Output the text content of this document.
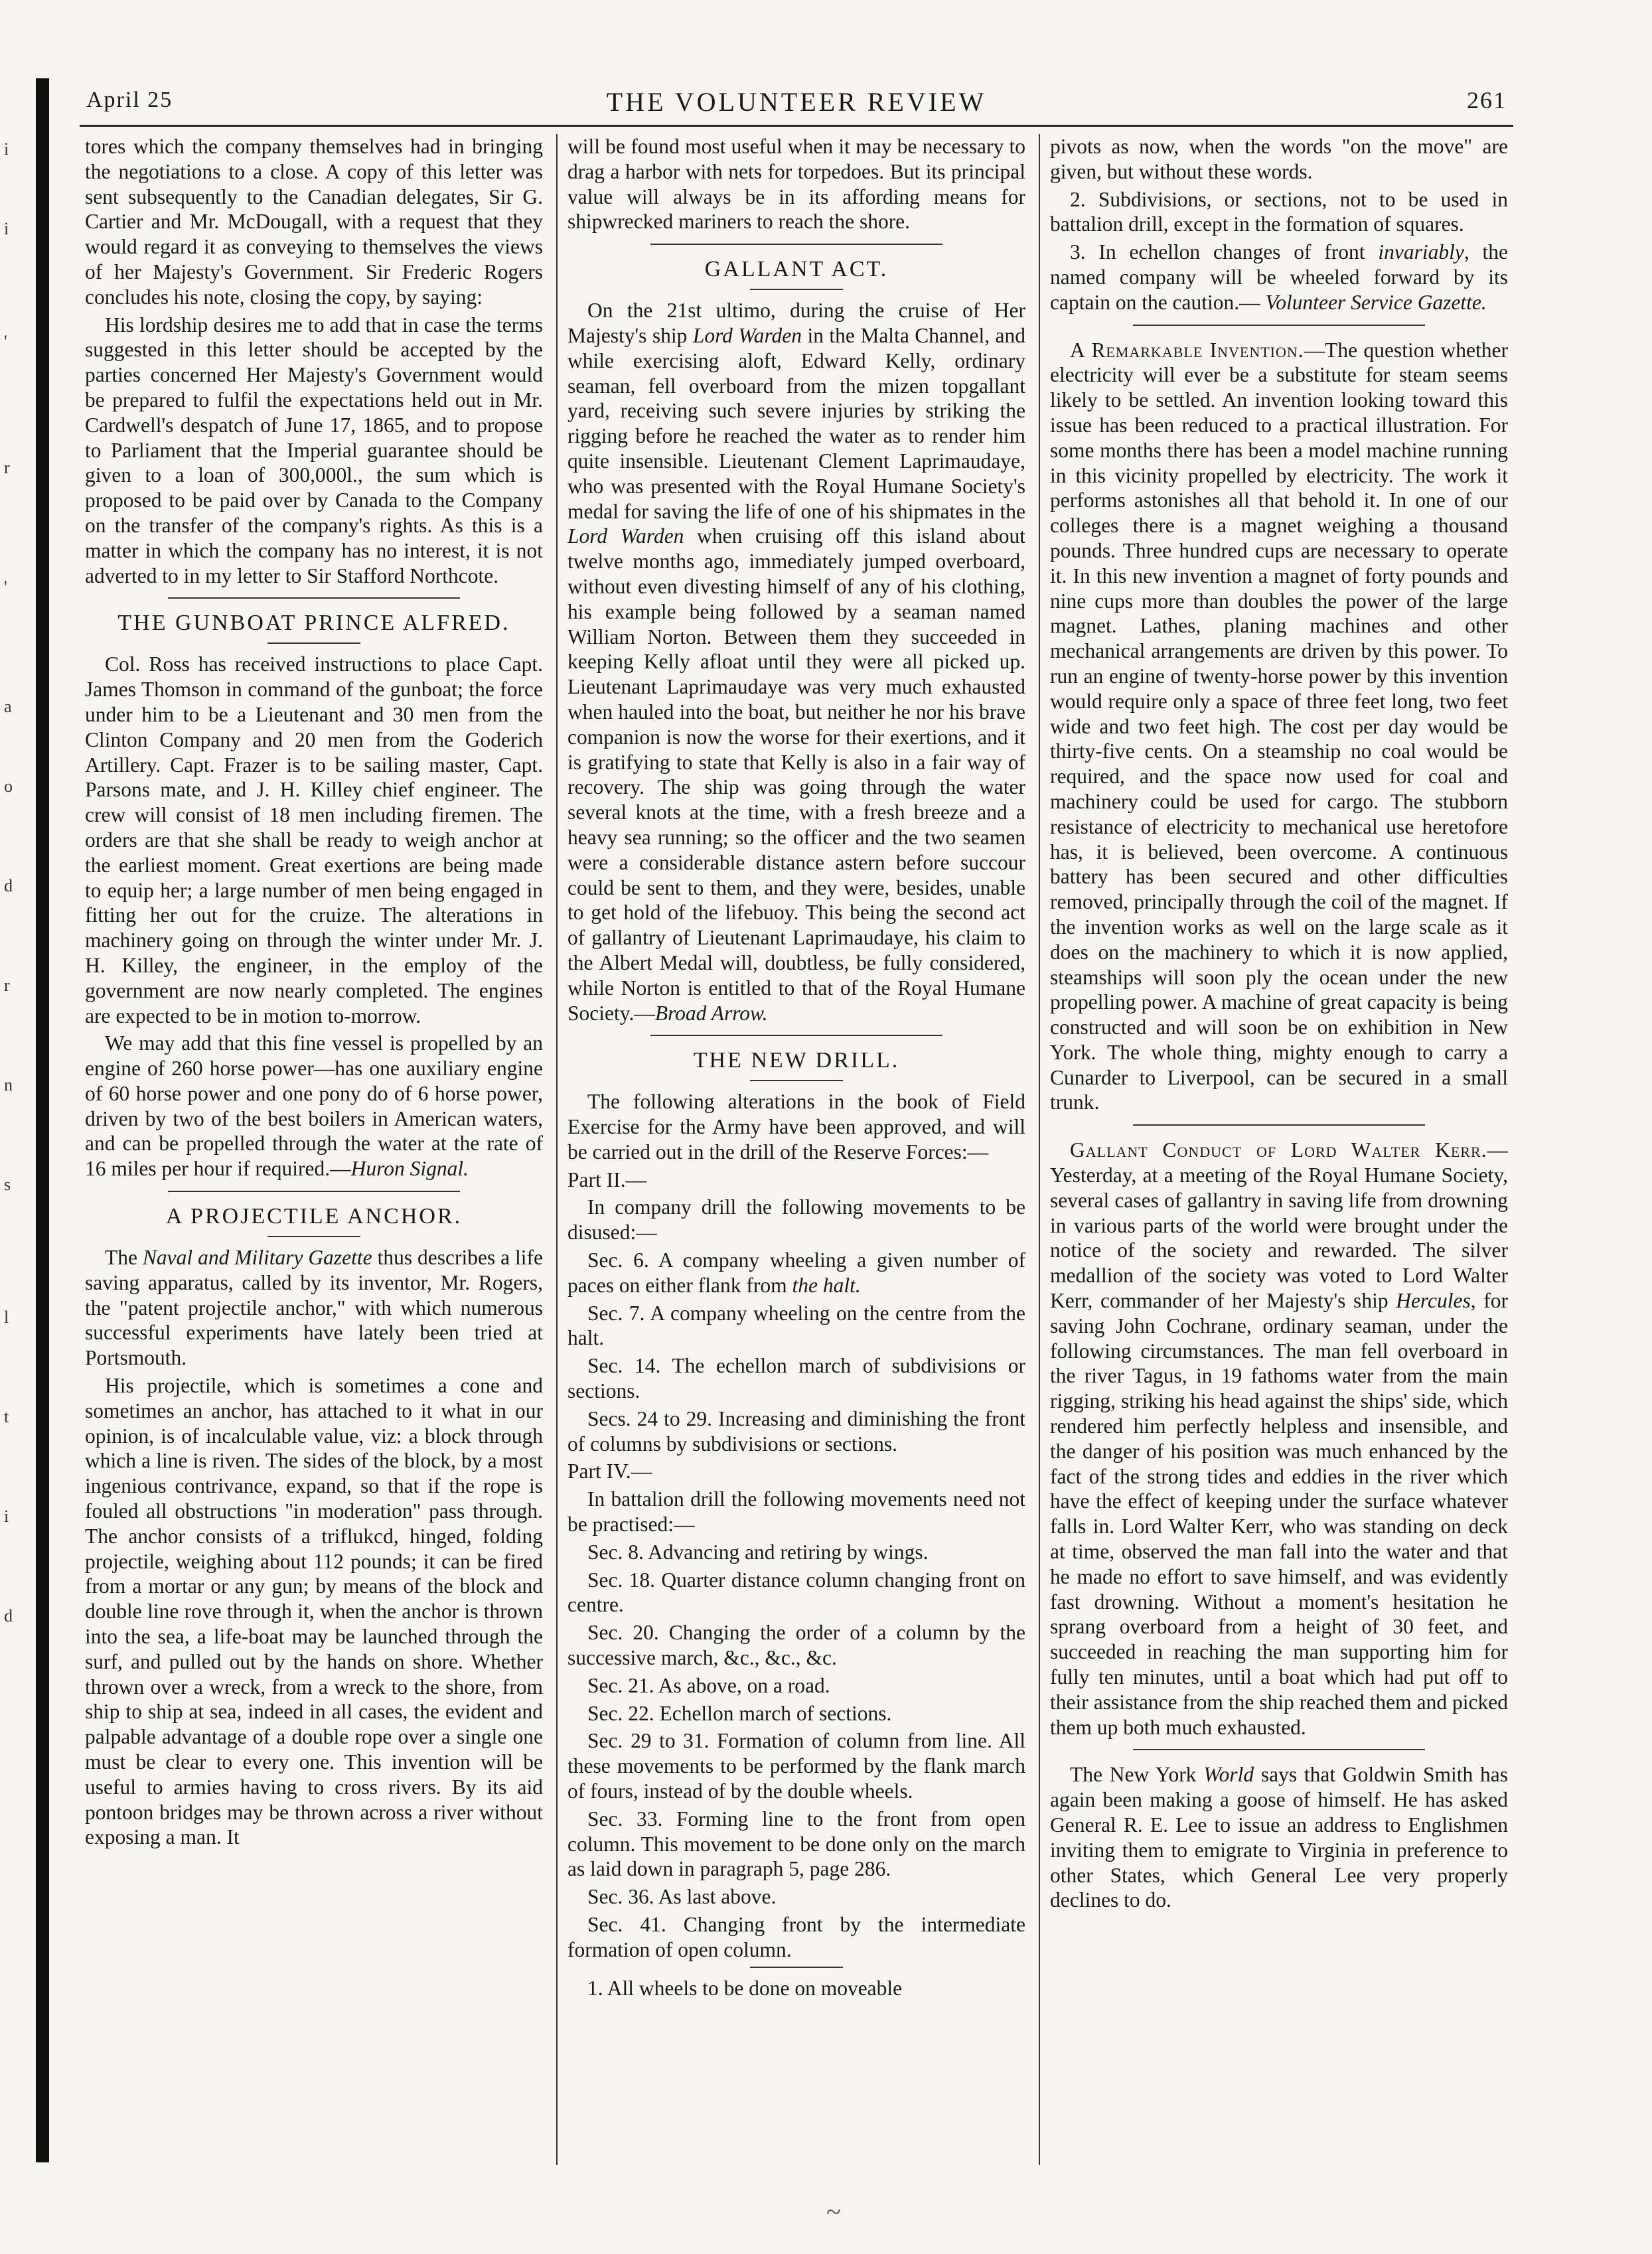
i
i
'
r
'
a
o
d
r
n
s
l
t
i
d
April 25	THE VOLUNTEER REVIEW	261

tores which the company themselves had in bringing the negotiations to a close. A copy of this letter was sent subsequently to the Canadian delegates, Sir G. Cartier and Mr. McDougall, with a request that they would regard it as conveying to themselves the views of her Majesty's Government. Sir Frederic Rogers concludes his note, closing the copy, by saying:

His lordship desires me to add that in case the terms suggested in this letter should be accepted by the parties concerned Her Majesty's Government would be prepared to fulfil the expectations held out in Mr. Cardwell's despatch of June 17, 1865, and to propose to Parliament that the Imperial guarantee should be given to a loan of 300,000l., the sum which is proposed to be paid over by Canada to the Company on the transfer of the company's rights. As this is a matter in which the company has no interest, it is not adverted to in my letter to Sir Stafford Northcote.

THE GUNBOAT PRINCE ALFRED.

Col. Ross has received instructions to place Capt. James Thomson in command of the gunboat; the force under him to be a Lieutenant and 30 men from the Clinton Company and 20 men from the Goderich Artillery. Capt. Frazer is to be sailing master, Capt. Parsons mate, and J. H. Killey chief engineer. The crew will consist of 18 men including firemen. The orders are that she shall be ready to weigh anchor at the earliest moment. Great exertions are being made to equip her; a large number of men being engaged in fitting her out for the cruize. The alterations in machinery going on through the winter under Mr. J. H. Killey, the engineer, in the employ of the government are now nearly completed. The engines are expected to be in motion to-morrow.

We may add that this fine vessel is propelled by an engine of 260 horse power—has one auxiliary engine of 60 horse power and one pony do of 6 horse power, driven by two of the best boilers in American waters, and can be propelled through the water at the rate of 16 miles per hour if required.—Huron Signal.

A PROJECTILE ANCHOR.

The Naval and Military Gazette thus describes a life saving apparatus, called by its inventor, Mr. Rogers, the "patent projectile anchor," with which numerous successful experiments have lately been tried at Portsmouth.

His projectile, which is sometimes a cone and sometimes an anchor, has attached to it what in our opinion, is of incalculable value, viz: a block through which a line is riven. The sides of the block, by a most ingenious contrivance, expand, so that if the rope is fouled all obstructions "in moderation" pass through. The anchor consists of a triflukcd, hinged, folding projectile, weighing about 112 pounds; it can be fired from a mortar or any gun; by means of the block and double line rove through it, when the anchor is thrown into the sea, a life-boat may be launched through the surf, and pulled out by the hands on shore. Whether thrown over a wreck, from a wreck to the shore, from ship to ship at sea, indeed in all cases, the evident and palpable advantage of a double rope over a single one must be clear to every one. This invention will be useful to armies having to cross rivers. By its aid pontoon bridges may be thrown across a river without exposing a man. It

will be found most useful when it may be necessary to drag a harbor with nets for torpedoes. But its principal value will always be in its affording means for shipwrecked mariners to reach the shore.

GALLANT ACT.

On the 21st ultimo, during the cruise of Her Majesty's ship Lord Warden in the Malta Channel, and while exercising aloft, Edward Kelly, ordinary seaman, fell overboard from the mizen topgallant yard, receiving such severe injuries by striking the rigging before he reached the water as to render him quite insensible. Lieutenant Clement Laprimaudaye, who was presented with the Royal Humane Society's medal for saving the life of one of his shipmates in the Lord Warden when cruising off this island about twelve months ago, immediately jumped overboard, without even divesting himself of any of his clothing, his example being followed by a seaman named William Norton. Between them they succeeded in keeping Kelly afloat until they were all picked up. Lieutenant Laprimaudaye was very much exhausted when hauled into the boat, but neither he nor his brave companion is now the worse for their exertions, and it is gratifying to state that Kelly is also in a fair way of recovery. The ship was going through the water several knots at the time, with a fresh breeze and a heavy sea running; so the officer and the two seamen were a considerable distance astern before succour could be sent to them, and they were, besides, unable to get hold of the lifebuoy. This being the second act of gallantry of Lieutenant Laprimaudaye, his claim to the Albert Medal will, doubtless, be fully considered, while Norton is entitled to that of the Royal Humane Society.—Broad Arrow.

THE NEW DRILL.

The following alterations in the book of Field Exercise for the Army have been approved, and will be carried out in the drill of the Reserve Forces:—

Part II.—

In company drill the following movements to be disused:—

Sec. 6. A company wheeling a given number of paces on either flank from the halt.

Sec. 7. A company wheeling on the centre from the halt.

Sec. 14. The echellon march of subdivisions or sections.

Secs. 24 to 29. Increasing and diminishing the front of columns by subdivisions or sections.

Part IV.—

In battalion drill the following movements need not be practised:—

Sec. 8. Advancing and retiring by wings.

Sec. 18. Quarter distance column changing front on centre.

Sec. 20. Changing the order of a column by the successive march, &c., &c., &c.

Sec. 21. As above, on a road.

Sec. 22. Echellon march of sections.

Sec. 29 to 31. Formation of column from line. All these movements to be performed by the flank march of fours, instead of by the double wheels.

Sec. 33. Forming line to the front from open column. This movement to be done only on the march as laid down in paragraph 5, page 286.

Sec. 36. As last above.

Sec. 41. Changing front by the intermediate formation of open column.

1. All wheels to be done on moveable

pivots as now, when the words "on the move" are given, but without these words.

2. Subdivisions, or sections, not to be used in battalion drill, except in the formation of squares.

3. In echellon changes of front invariably, the named company will be wheeled forward by its captain on the caution.— Volunteer Service Gazette.

A Remarkable Invention.—The question whether electricity will ever be a substitute for steam seems likely to be settled. An invention looking toward this issue has been reduced to a practical illustration. For some months there has been a model machine running in this vicinity propelled by electricity. The work it performs astonishes all that behold it. In one of our colleges there is a magnet weighing a thousand pounds. Three hundred cups are necessary to operate it. In this new invention a magnet of forty pounds and nine cups more than doubles the power of the large magnet. Lathes, planing machines and other mechanical arrangements are driven by this power. To run an engine of twenty-horse power by this invention would require only a space of three feet long, two feet wide and two feet high. The cost per day would be thirty-five cents. On a steamship no coal would be required, and the space now used for coal and machinery could be used for cargo. The stubborn resistance of electricity to mechanical use heretofore has, it is believed, been overcome. A continuous battery has been secured and other difficulties removed, principally through the coil of the magnet. If the invention works as well on the large scale as it does on the machinery to which it is now applied, steamships will soon ply the ocean under the new propelling power. A machine of great capacity is being constructed and will soon be on exhibition in New York. The whole thing, mighty enough to carry a Cunarder to Liverpool, can be secured in a small trunk.

Gallant Conduct of Lord Walter Kerr.—Yesterday, at a meeting of the Royal Humane Society, several cases of gallantry in saving life from drowning in various parts of the world were brought under the notice of the society and rewarded. The silver medallion of the society was voted to Lord Walter Kerr, commander of her Majesty's ship Hercules, for saving John Cochrane, ordinary seaman, under the following circumstances. The man fell overboard in the river Tagus, in 19 fathoms water from the main rigging, striking his head against the ships' side, which rendered him perfectly helpless and insensible, and the danger of his position was much enhanced by the fact of the strong tides and eddies in the river which have the effect of keeping under the surface whatever falls in. Lord Walter Kerr, who was standing on deck at time, observed the man fall into the water and that he made no effort to save himself, and was evidently fast drowning. Without a moment's hesitation he sprang overboard from a height of 30 feet, and succeeded in reaching the man supporting him for fully ten minutes, until a boat which had put off to their assistance from the ship reached them and picked them up both much exhausted.

The New York World says that Goldwin Smith has again been making a goose of himself. He has asked General R. E. Lee to issue an address to Englishmen inviting them to emigrate to Virginia in preference to other States, which General Lee very properly declines to do.

~
